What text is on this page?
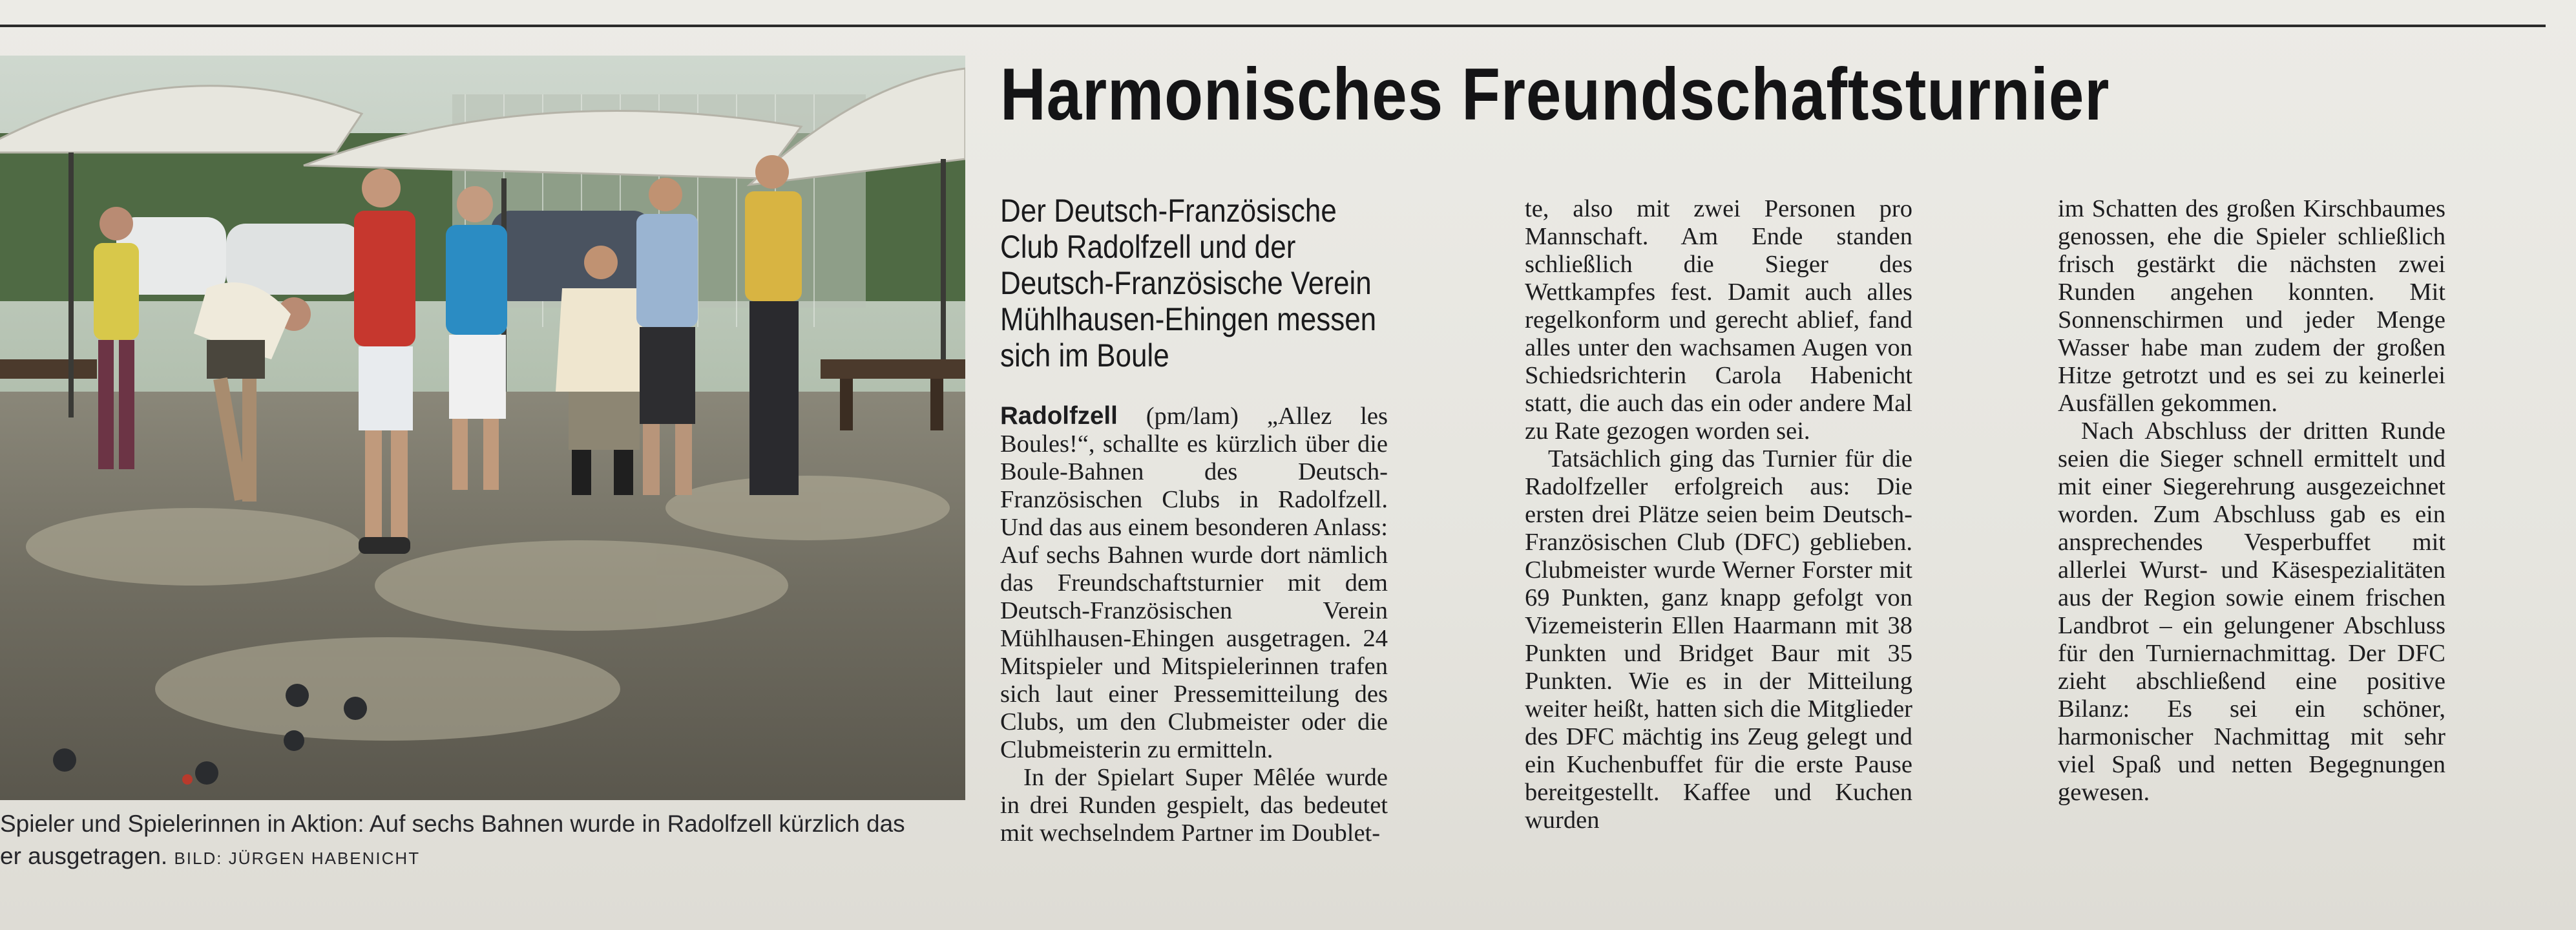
Spieler und Spielerinnen in Aktion: Auf sechs Bahnen wurde in Radolfzell kürzlich das
er ausgetragen. BILD: JÜRGEN HABENICHT
Harmonisches Freundschaftsturnier
Der Deutsch-Französische Club Radolfzell und der Deutsch-Französische Verein Mühlhausen-Ehingen messen sich im Boule

Radolfzell (pm/lam) „Allez les Boules!“, schallte es kürzlich über die Boule-Bahnen des Deutsch-Französischen Clubs in Radolfzell. Und das aus einem besonderen Anlass: Auf sechs Bahnen wurde dort nämlich das Freundschaftsturnier mit dem Deutsch-Französischen Verein Mühlhausen-Ehingen ausgetragen. 24 Mitspieler und Mitspielerinnen trafen sich laut einer Pressemitteilung des Clubs, um den Clubmeister oder die Clubmeisterin zu ermitteln.

In der Spielart Super Mêlée wurde in drei Runden gespielt, das bedeutet mit wechselndem Partner im Doublet-

te, also mit zwei Personen pro Mannschaft. Am Ende standen schließlich die Sieger des Wettkampfes fest. Damit auch alles regelkonform und gerecht ablief, fand alles unter den wachsamen Augen von Schiedsrichterin Carola Habenicht statt, die auch das ein oder andere Mal zu Rate gezogen worden sei.

Tatsächlich ging das Turnier für die Radolfzeller erfolgreich aus: Die ersten drei Plätze seien beim Deutsch-Französischen Club (DFC) geblieben. Clubmeister wurde Werner Forster mit 69 Punkten, ganz knapp gefolgt von Vizemeisterin Ellen Haarmann mit 38 Punkten und Bridget Baur mit 35 Punkten. Wie es in der Mitteilung weiter heißt, hatten sich die Mitglieder des DFC mächtig ins Zeug gelegt und ein Kuchenbuffet für die erste Pause bereitgestellt. Kaffee und Kuchen wurden

im Schatten des großen Kirschbaumes genossen, ehe die Spieler schließlich frisch gestärkt die nächsten zwei Runden angehen konnten. Mit Sonnenschirmen und jeder Menge Wasser habe man zudem der großen Hitze getrotzt und es sei zu keinerlei Ausfällen gekommen.

Nach Abschluss der dritten Runde seien die Sieger schnell ermittelt und mit einer Siegerehrung ausgezeichnet worden. Zum Abschluss gab es ein ansprechendes Vesperbuffet mit allerlei Wurst- und Käsespezialitäten aus der Region sowie einem frischen Landbrot – ein gelungener Abschluss für den Turniernachmittag. Der DFC zieht abschließend eine positive Bilanz: Es sei ein schöner, harmonischer Nachmittag mit sehr viel Spaß und netten Begegnungen gewesen.
